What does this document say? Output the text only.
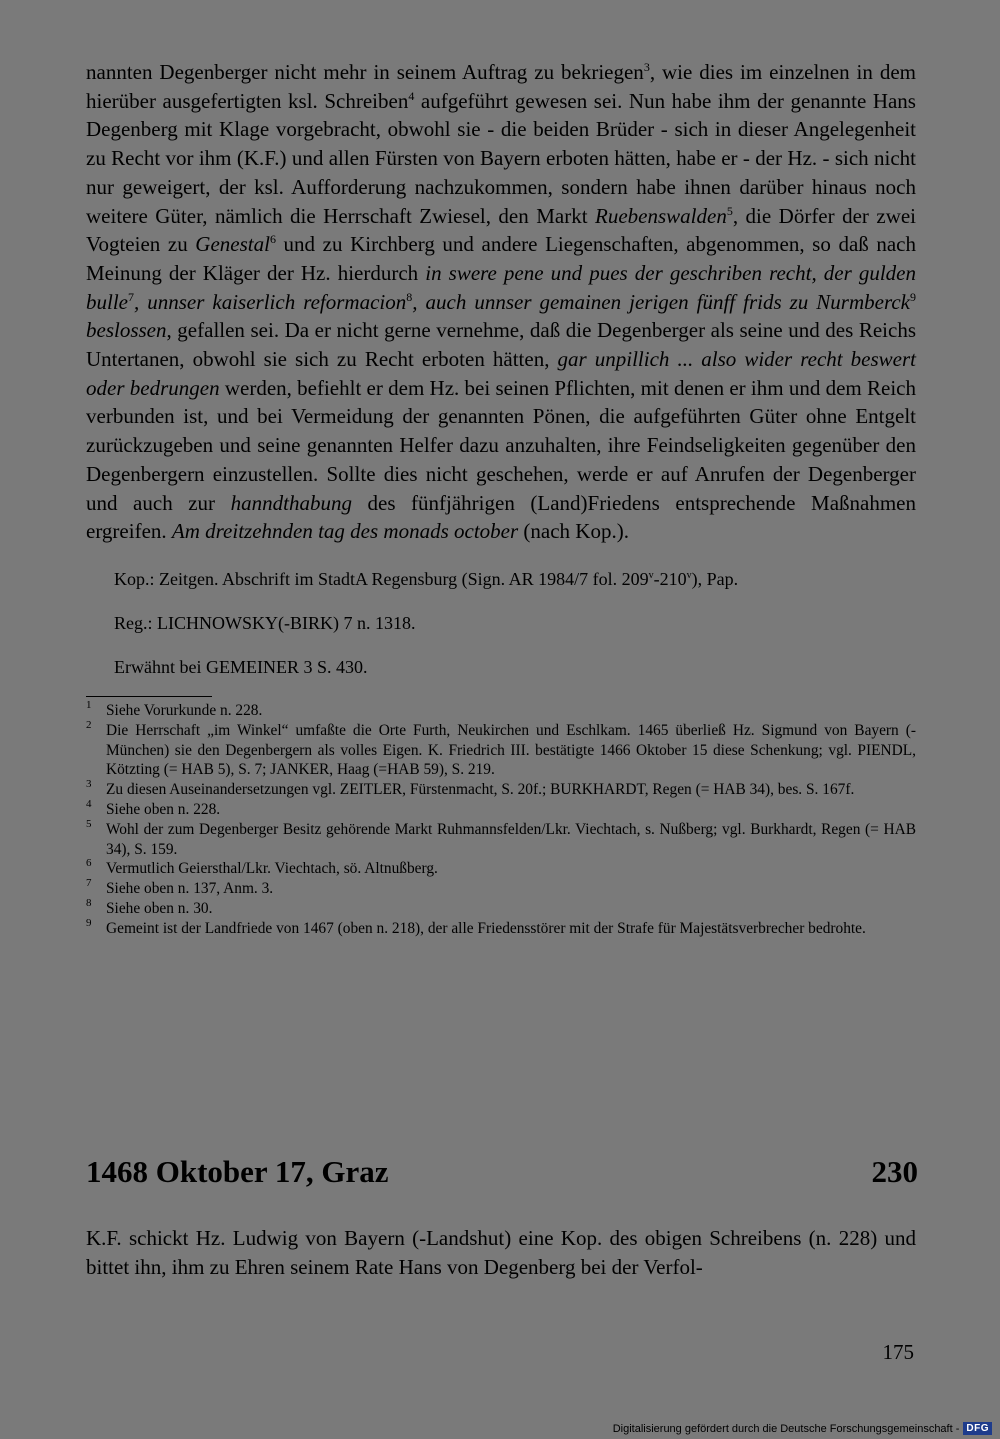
nannten Degenberger nicht mehr in seinem Auftrag zu bekriegen$^3$, wie dies im einzelnen in dem hierüber ausgefertigten ksl. Schreiben$^4$ aufgeführt gewesen sei. Nun habe ihm der genannte Hans Degenberg mit Klage vorgebracht, obwohl sie - die beiden Brüder - sich in dieser Angelegenheit zu Recht vor ihm (K.F.) und allen Fürsten von Bayern erboten hätten, habe er - der Hz. - sich nicht nur geweigert, der ksl. Aufforderung nachzukommen, sondern habe ihnen darüber hinaus noch weitere Güter, nämlich die Herrschaft Zwiesel, den Markt Ruebenswalden$^5$, die Dörfer der zwei Vogteien zu Genestal$^6$ und zu Kirchberg und andere Liegenschaften, abgenommen, so daß nach Meinung der Kläger der Hz. hierdurch in swere pene und pues der geschriben recht, der gulden bulle$^7$, unnser kaiserlich reformacion$^8$, auch unnser gemainen jerigen fünff frids zu Nurmberck$^9$ beslossen, gefallen sei. Da er nicht gerne vernehme, daß die Degenberger als seine und des Reichs Untertanen, obwohl sie sich zu Recht erboten hätten, gar unpillich ... also wider recht beswert oder bedrungen werden, befiehlt er dem Hz. bei seinen Pflichten, mit denen er ihm und dem Reich verbunden ist, und bei Vermeidung der genannten Pönen, die aufgeführten Güter ohne Entgelt zurückzugeben und seine genannten Helfer dazu anzuhalten, ihre Feindseligkeiten gegenüber den Degenbergern einzustellen. Sollte dies nicht geschehen, werde er auf Anrufen der Degenberger und auch zur hanndthabung des fünfjährigen (Land)Friedens entsprechende Maßnahmen ergreifen. Am dreitzehnden tag des monads october (nach Kop.).

Kop.: Zeitgen. Abschrift im StadtA Regensburg (Sign. AR 1984/7 fol. 209$^v$-210$^v$), Pap.

Reg.: LICHNOWSKY(-BIRK) 7 n. 1318.

Erwähnt bei GEMEINER 3 S. 430.

1 Siehe Vorurkunde n. 228.
2 Die Herrschaft „im Winkel“ umfaßte die Orte Furth, Neukirchen und Eschlkam. 1465 überließ Hz. Sigmund von Bayern (-München) sie den Degenbergern als volles Eigen. K. Friedrich III. bestätigte 1466 Oktober 15 diese Schenkung; vgl. PIENDL, Kötzting (= HAB 5), S. 7; JANKER, Haag (=HAB 59), S. 219.
3 Zu diesen Auseinandersetzungen vgl. ZEITLER, Fürstenmacht, S. 20f.; BURKHARDT, Regen (= HAB 34), bes. S. 167f.
4 Siehe oben n. 228.
5 Wohl der zum Degenberger Besitz gehörende Markt Ruhmannsfelden/Lkr. Viechtach, s. Nußberg; vgl. Burkhardt, Regen (= HAB 34), S. 159.
6 Vermutlich Geiersthal/Lkr. Viechtach, sö. Altnußberg.
7 Siehe oben n. 137, Anm. 3.
8 Siehe oben n. 30.
9 Gemeint ist der Landfriede von 1467 (oben n. 218), der alle Friedensstörer mit der Strafe für Majestätsverbrecher bedrohte.
1468 Oktober 17, Graz	230

K.F. schickt Hz. Ludwig von Bayern (-Landshut) eine Kop. des obigen Schreibens (n. 228) und bittet ihn, ihm zu Ehren seinem Rate Hans von Degenberg bei der Verfol-

175
Digitalisierung gefördert durch die Deutsche Forschungsgemeinschaft - DFG
